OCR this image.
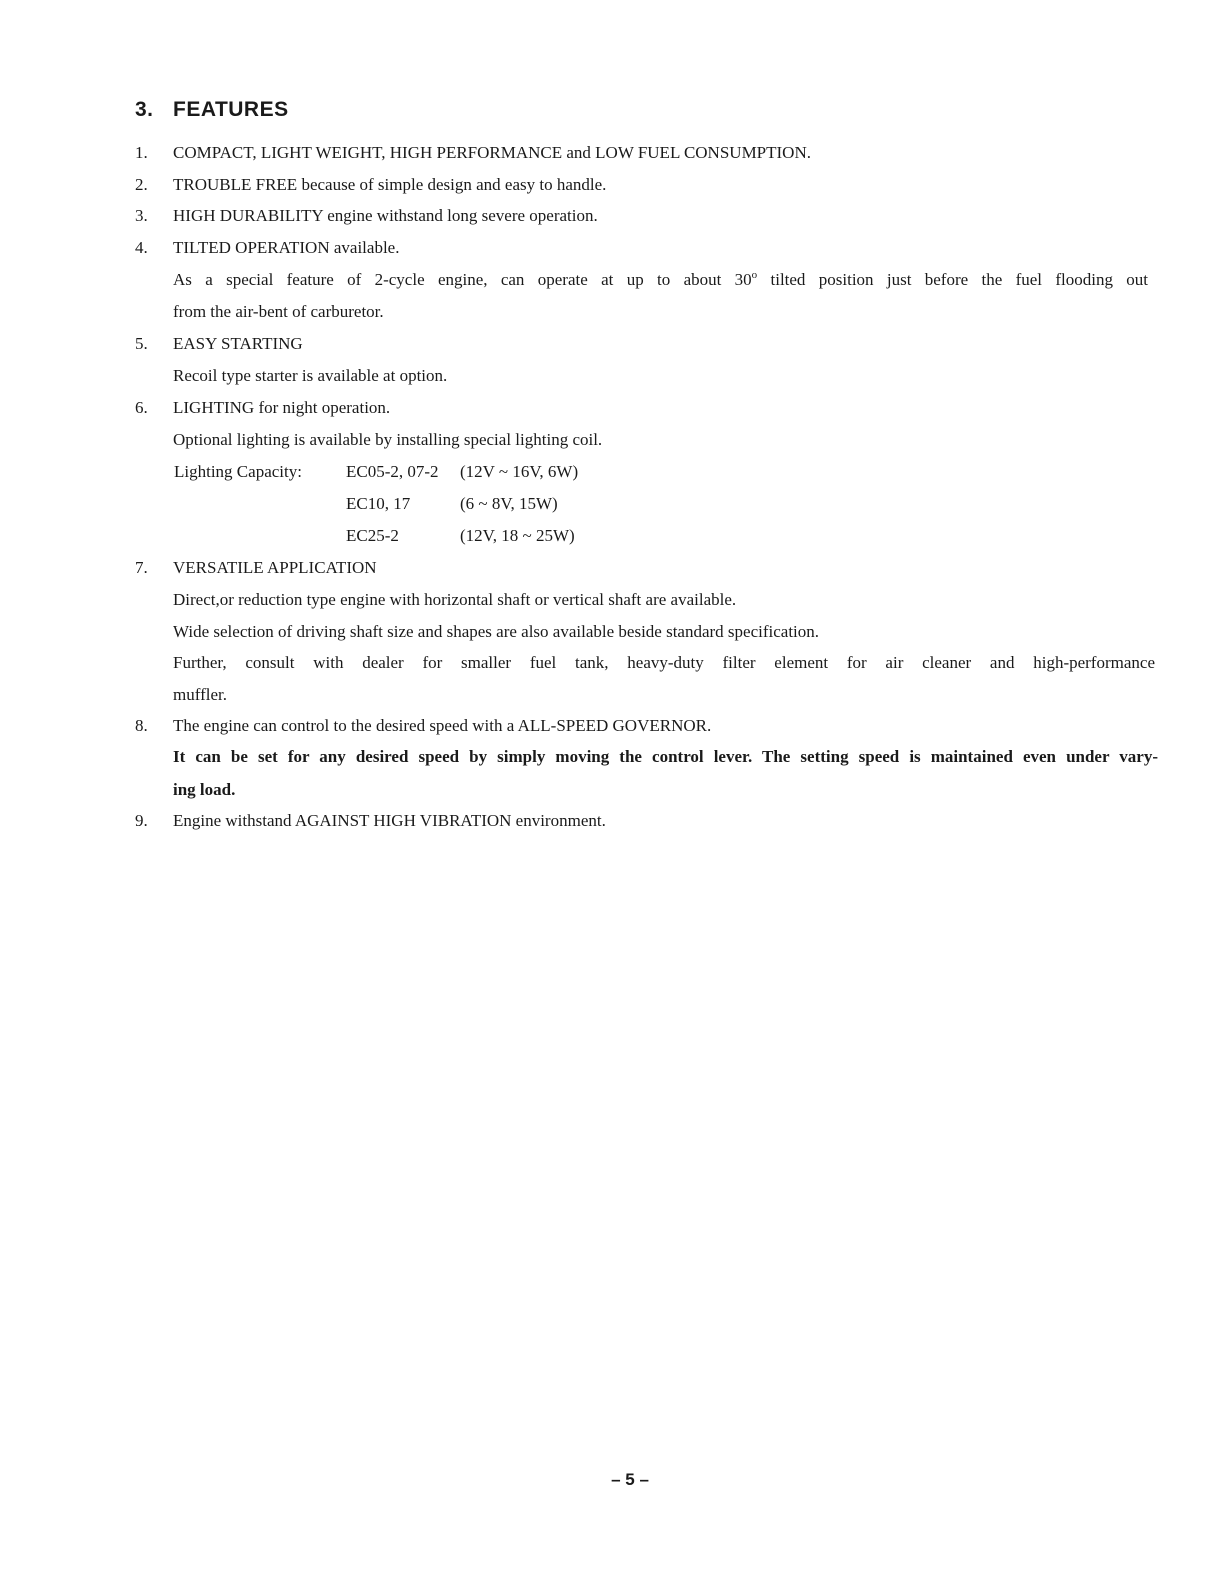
3. FEATURES
1.	COMPACT, LIGHT WEIGHT, HIGH PERFORMANCE and LOW FUEL CONSUMPTION.
2.	TROUBLE FREE because of simple design and easy to handle.
3.	HIGH DURABILITY engine withstand long severe operation.
4.	TILTED OPERATION available.
As a special feature of 2-cycle engine, can operate at up to about 30$^o$ tilted position just before the fuel flooding out
from the air-bent of carburetor.
5.	EASY STARTING
Recoil type starter is available at option.
6.	LIGHTING for night operation.
Optional lighting is available by installing special lighting coil.
Lighting Capacity:	EC05-2, 07-2	(12V ~ 16V, 6W)
EC10, 17	(6 ~ 8V, 15W)
EC25-2	(12V, 18 ~ 25W)
7.	VERSATILE APPLICATION
Direct,or reduction type engine with horizontal shaft or vertical shaft are available.
Wide selection of driving shaft size and shapes are also available beside standard specification.
Further, consult with dealer for smaller fuel tank, heavy-duty filter element for air cleaner and high-performance
muffler.
8.	The engine can control to the desired speed with a ALL-SPEED GOVERNOR.
It can be set for any desired speed by simply moving the control lever. The setting speed is maintained even under vary-
ing load.
9.	Engine withstand AGAINST HIGH VIBRATION environment.
– 5 –
